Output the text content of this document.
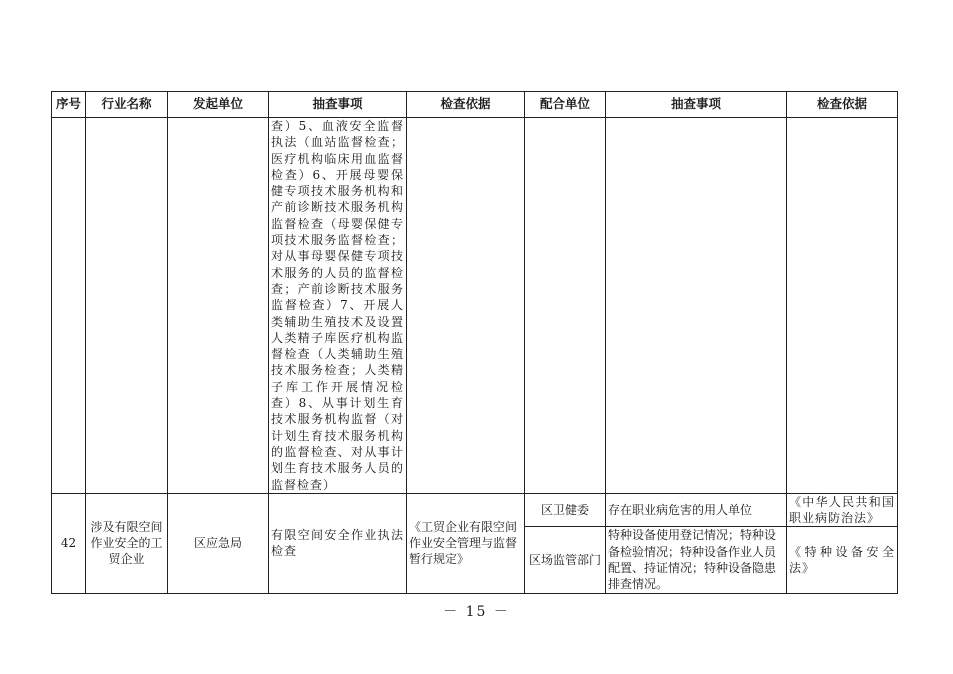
序号	行业名称	发起单位	抽查事项	检查依据	配合单位	抽查事项	检查依据
			查）5、血液安全监督执法（血站监督检查；医疗机构临床用血监督检查）6、开展母婴保健专项技术服务机构和产前诊断技术服务机构监督检查（母婴保健专项技术服务监督检查；对从事母婴保健专项技术服务的人员的监督检查；产前诊断技术服务监督检查）7、开展人类辅助生殖技术及设置人类精子库医疗机构监督检查（人类辅助生殖技术服务检查；人类精子库工作开展情况检查）8、从事计划生育技术服务机构监督（对计划生育技术服务机构的监督检查、对从事计划生育技术服务人员的监督检查）				
42	涉及有限空间作业安全的工贸企业	区应急局	有限空间安全作业执法检查	《工贸企业有限空间作业安全管理与监督暂行规定》	区卫健委	存在职业病危害的用人单位	《中华人民共和国职业病防治法》
					区场监管部门	特种设备使用登记情况；特种设备检验情况；特种设备作业人员配置、持证情况；特种设备隐患排查情况。	《特种设备安全法》
－ 15 －
